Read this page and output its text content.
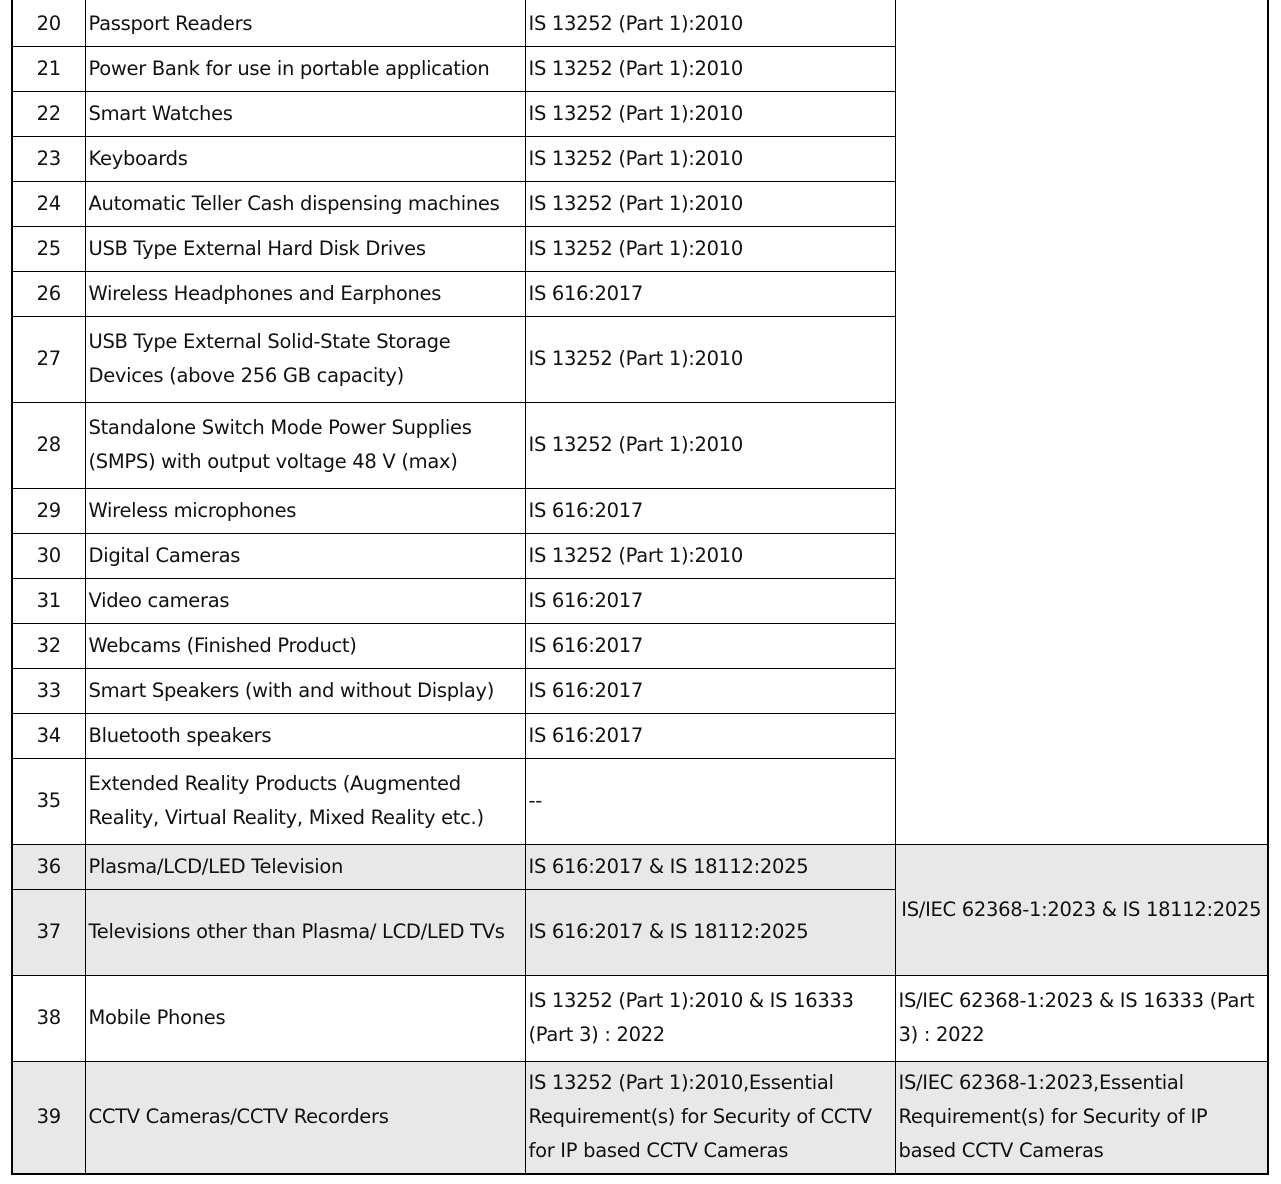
20	Passport Readers	IS 13252 (Part 1):2010	
21	Power Bank for use in portable application	IS 13252 (Part 1):2010	
22	Smart Watches	IS 13252 (Part 1):2010	
23	Keyboards	IS 13252 (Part 1):2010	
24	Automatic Teller Cash dispensing machines	IS 13252 (Part 1):2010	
25	USB Type External Hard Disk Drives	IS 13252 (Part 1):2010	
26	Wireless Headphones and Earphones	IS 616:2017	
27	USB Type External Solid-State Storage Devices (above 256 GB capacity)	IS 13252 (Part 1):2010	
28	Standalone Switch Mode Power Supplies (SMPS) with output voltage 48 V (max)	IS 13252 (Part 1):2010	
29	Wireless microphones	IS 616:2017	
30	Digital Cameras	IS 13252 (Part 1):2010	
31	Video cameras	IS 616:2017	
32	Webcams (Finished Product)	IS 616:2017	
33	Smart Speakers (with and without Display)	IS 616:2017	
34	Bluetooth speakers	IS 616:2017	
35	Extended Reality Products (Augmented Reality, Virtual Reality, Mixed Reality etc.)	--	
36	Plasma/LCD/LED Television	IS 616:2017 & IS 18112:2025	IS/IEC 62368-1:2023 & IS 18112:2025
37	Televisions other than Plasma/ LCD/LED TVs	IS 616:2017 & IS 18112:2025	
38	Mobile Phones	IS 13252 (Part 1):2010 & IS 16333 (Part 3) : 2022	IS/IEC 62368-1:2023 & IS 16333 (Part 3) : 2022
39	CCTV Cameras/CCTV Recorders	IS 13252 (Part 1):2010,Essential Requirement(s) for Security of CCTV for IP based CCTV Cameras	IS/IEC 62368-1:2023,Essential Requirement(s) for Security of IP based CCTV Cameras
